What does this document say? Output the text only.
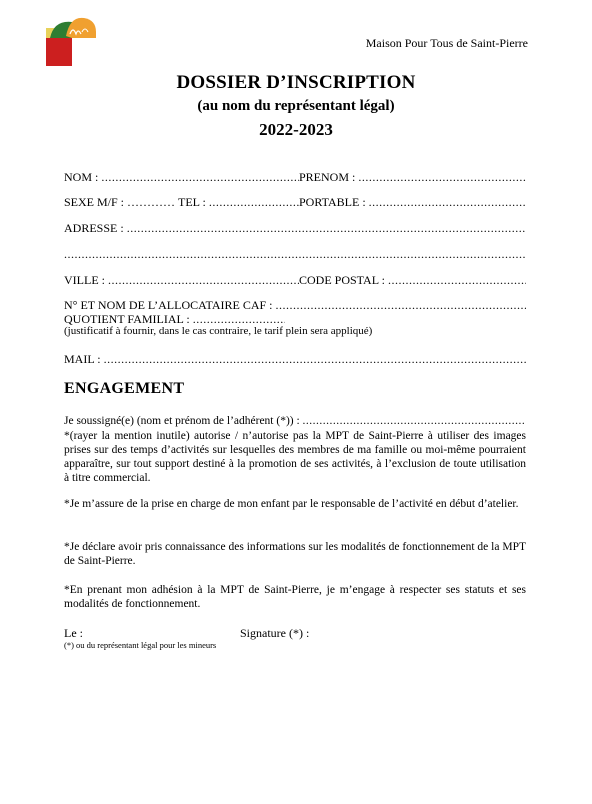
Maison Pour Tous de Saint-Pierre
DOSSIER D’INSCRIPTION
(au nom du représentant légal)
2022-2023
NOM :
.....	PRENOM :

.....
SEXE M/F : …………
TEL :
.....	PORTABLE :

.....
ADRESSE :

.....
.....
VILLE :
.....	CODE POSTAL :

.....
N° ET NOM DE L’ALLOCATAIRE CAF :

.....
QUOTIENT FAMILIAL :

.....
(justificatif à fournir, dans le cas contraire, le tarif plein sera appliqué)
MAIL :

.....
ENGAGEMENT
Je soussigné(e) (nom et prénom de l’adhérent (*)) :

.....
*(rayer la mention inutile) autorise / n’autorise pas la MPT de Saint-Pierre à utiliser des images prises sur des temps d’activités sur lesquelles des membres de ma famille ou moi-même pourraient apparaître, sur tout support destiné à la promotion de ses activités, à l’exclusion de toute utilisation à titre commercial.
*Je m’assure de la prise en charge de mon enfant par le responsable de l’activité en début d’atelier.
*Je déclare avoir pris connaissance des informations sur les modalités de fonctionnement de la MPT de Saint-Pierre.
*En prenant mon adhésion à la MPT de Saint-Pierre, je m’engage à respecter ses statuts et ses modalités de fonctionnement.
Le :	Signature (*) :
(*) ou du représentant légal pour les mineurs
